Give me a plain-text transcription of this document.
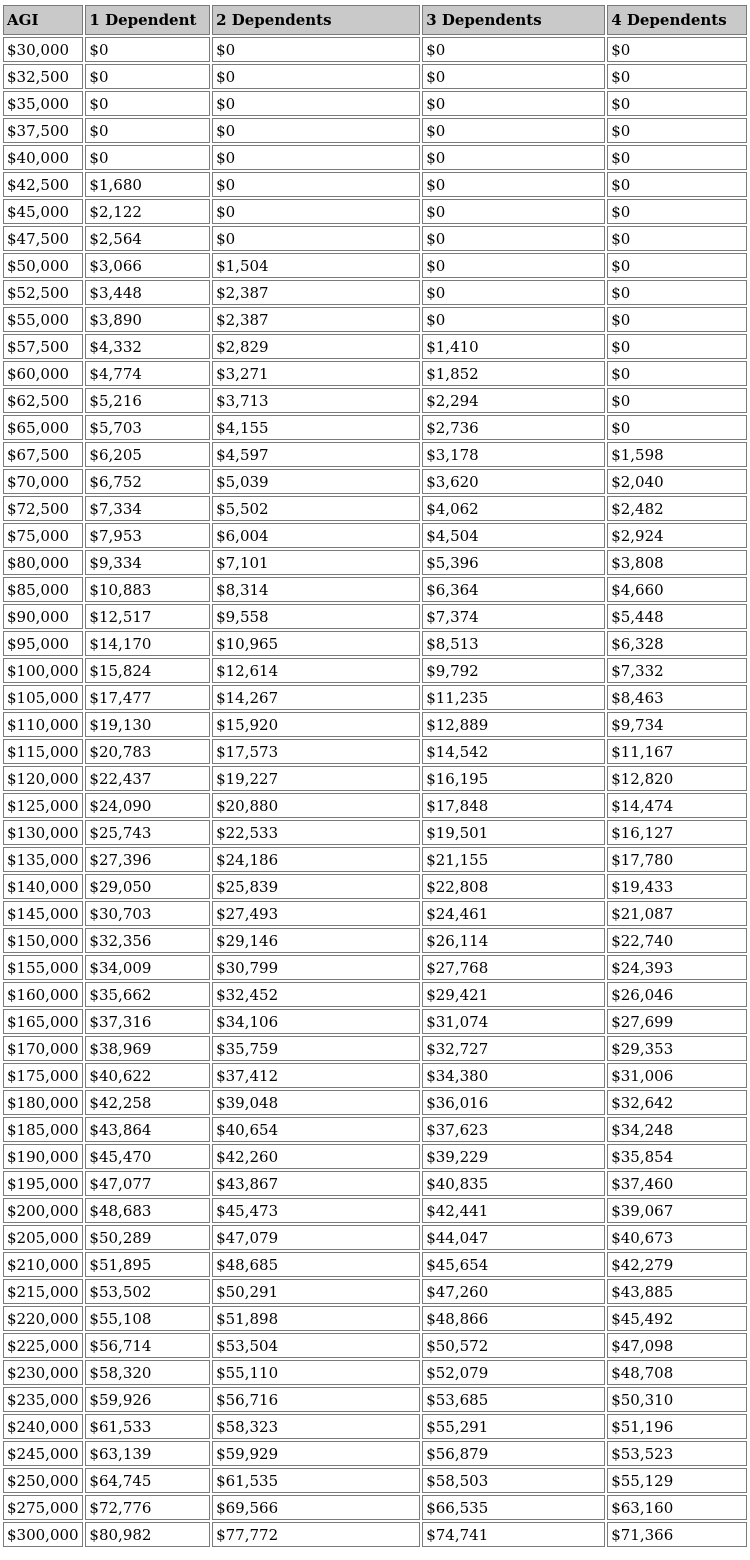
AGI	1 Dependent	2 Dependents	3 Dependents	4 Dependents
$30,000	$0	$0	$0	$0
$32,500	$0	$0	$0	$0
$35,000	$0	$0	$0	$0
$37,500	$0	$0	$0	$0
$40,000	$0	$0	$0	$0
$42,500	$1,680	$0	$0	$0
$45,000	$2,122	$0	$0	$0
$47,500	$2,564	$0	$0	$0
$50,000	$3,066	$1,504	$0	$0
$52,500	$3,448	$2,387	$0	$0
$55,000	$3,890	$2,387	$0	$0
$57,500	$4,332	$2,829	$1,410	$0
$60,000	$4,774	$3,271	$1,852	$0
$62,500	$5,216	$3,713	$2,294	$0
$65,000	$5,703	$4,155	$2,736	$0
$67,500	$6,205	$4,597	$3,178	$1,598
$70,000	$6,752	$5,039	$3,620	$2,040
$72,500	$7,334	$5,502	$4,062	$2,482
$75,000	$7,953	$6,004	$4,504	$2,924
$80,000	$9,334	$7,101	$5,396	$3,808
$85,000	$10,883	$8,314	$6,364	$4,660
$90,000	$12,517	$9,558	$7,374	$5,448
$95,000	$14,170	$10,965	$8,513	$6,328
$100,000	$15,824	$12,614	$9,792	$7,332
$105,000	$17,477	$14,267	$11,235	$8,463
$110,000	$19,130	$15,920	$12,889	$9,734
$115,000	$20,783	$17,573	$14,542	$11,167
$120,000	$22,437	$19,227	$16,195	$12,820
$125,000	$24,090	$20,880	$17,848	$14,474
$130,000	$25,743	$22,533	$19,501	$16,127
$135,000	$27,396	$24,186	$21,155	$17,780
$140,000	$29,050	$25,839	$22,808	$19,433
$145,000	$30,703	$27,493	$24,461	$21,087
$150,000	$32,356	$29,146	$26,114	$22,740
$155,000	$34,009	$30,799	$27,768	$24,393
$160,000	$35,662	$32,452	$29,421	$26,046
$165,000	$37,316	$34,106	$31,074	$27,699
$170,000	$38,969	$35,759	$32,727	$29,353
$175,000	$40,622	$37,412	$34,380	$31,006
$180,000	$42,258	$39,048	$36,016	$32,642
$185,000	$43,864	$40,654	$37,623	$34,248
$190,000	$45,470	$42,260	$39,229	$35,854
$195,000	$47,077	$43,867	$40,835	$37,460
$200,000	$48,683	$45,473	$42,441	$39,067
$205,000	$50,289	$47,079	$44,047	$40,673
$210,000	$51,895	$48,685	$45,654	$42,279
$215,000	$53,502	$50,291	$47,260	$43,885
$220,000	$55,108	$51,898	$48,866	$45,492
$225,000	$56,714	$53,504	$50,572	$47,098
$230,000	$58,320	$55,110	$52,079	$48,708
$235,000	$59,926	$56,716	$53,685	$50,310
$240,000	$61,533	$58,323	$55,291	$51,196
$245,000	$63,139	$59,929	$56,879	$53,523
$250,000	$64,745	$61,535	$58,503	$55,129
$275,000	$72,776	$69,566	$66,535	$63,160
$300,000	$80,982	$77,772	$74,741	$71,366
